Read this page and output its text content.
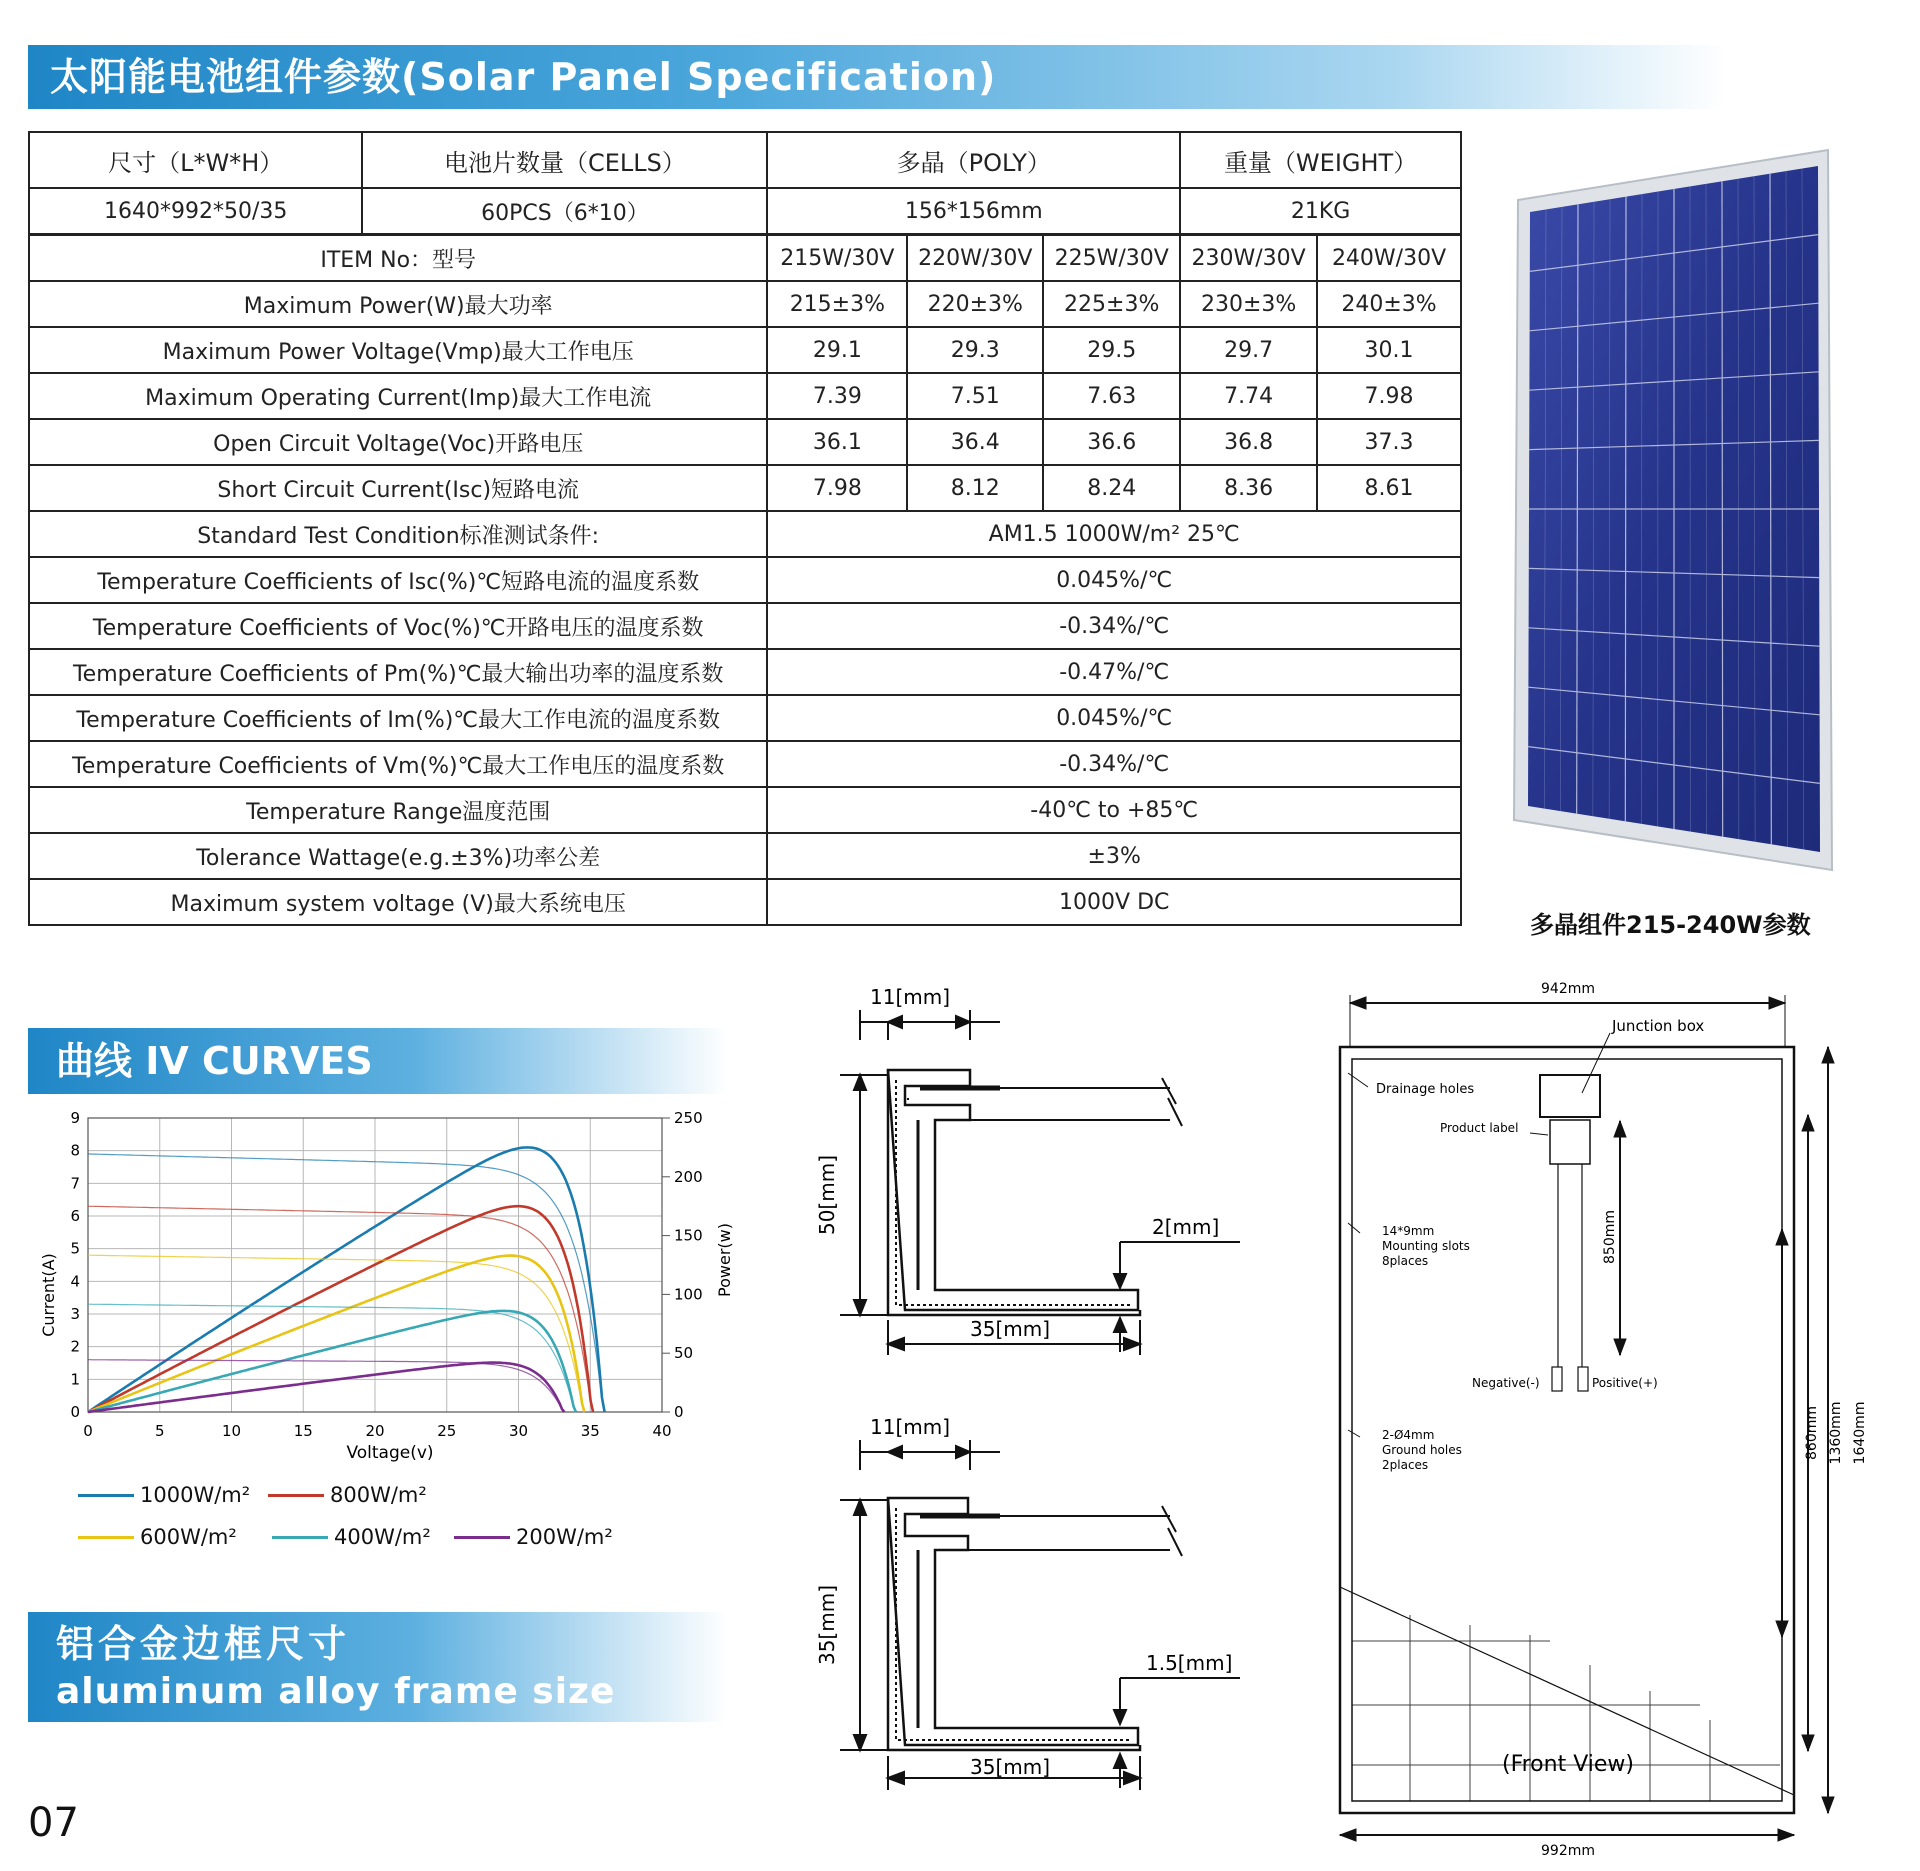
太阳能电池组件参数(Solar Panel Specification)
尺寸（L*W*H）	电池片数量（CELLS）	多晶（POLY）			重量（WEIGHT）	
1640*992*50/35	60PCS（6*10）	156*156mm			21KG	
ITEM No：型号		215W/30V	220W/30V	225W/30V	230W/30V	240W/30V
Maximum Power(W)最大功率		215±3%	220±3%	225±3%	230±3%	240±3%
Maximum Power Voltage(Vmp)最大工作电压		29.1	29.3	29.5	29.7	30.1
Maximum Operating Current(Imp)最大工作电流		7.39	7.51	7.63	7.74	7.98
Open Circuit Voltage(Voc)开路电压		36.1	36.4	36.6	36.8	37.3
Short Circuit Current(Isc)短路电流		7.98	8.12	8.24	8.36	8.61
Standard Test Condition标准测试条件:		AM1.5 1000W/m² 25℃				
Temperature Coefficients of Isc(%)℃短路电流的温度系数		0.045%/℃				
Temperature Coefficients of Voc(%)℃开路电压的温度系数		-0.34%/℃				
Temperature Coefficients of Pm(%)℃最大输出功率的温度系数		-0.47%/℃				
Temperature Coefficients of Im(%)℃最大工作电流的温度系数		0.045%/℃				
Temperature Coefficients of Vm(%)℃最大工作电压的温度系数		-0.34%/℃				
Temperature Range温度范围		-40℃ to +85℃				
Tolerance Wattage(e.g.±3%)功率公差		±3%				
Maximum system voltage (V)最大系统电压		1000V DC				
多晶组件215-240W参数
曲线 IV CURVES
0	5	10	15	20	25	30	35	40
0
1
2
3
4
5
6
7
8
9
0
50
100
150
200
250
Voltage(v)
Current(A)	Power(w)
1000W/m²	800W/m²
600W/m²	400W/m²	200W/m²
铝合金边框尺寸
aluminum alloy frame size
07
11[mm]
50[mm]	2[mm]
35[mm]
11[mm]
35[mm]	1.5[mm]
35[mm]
942mm
992mm
Junction box
Drainage holes
Product label
14*9mm Mounting slots 8places	850mm
Negative(-)	Positive(+)
2-Ø4mm Ground holes 2places
860mm 1360mm 1640mm
(Front View)
